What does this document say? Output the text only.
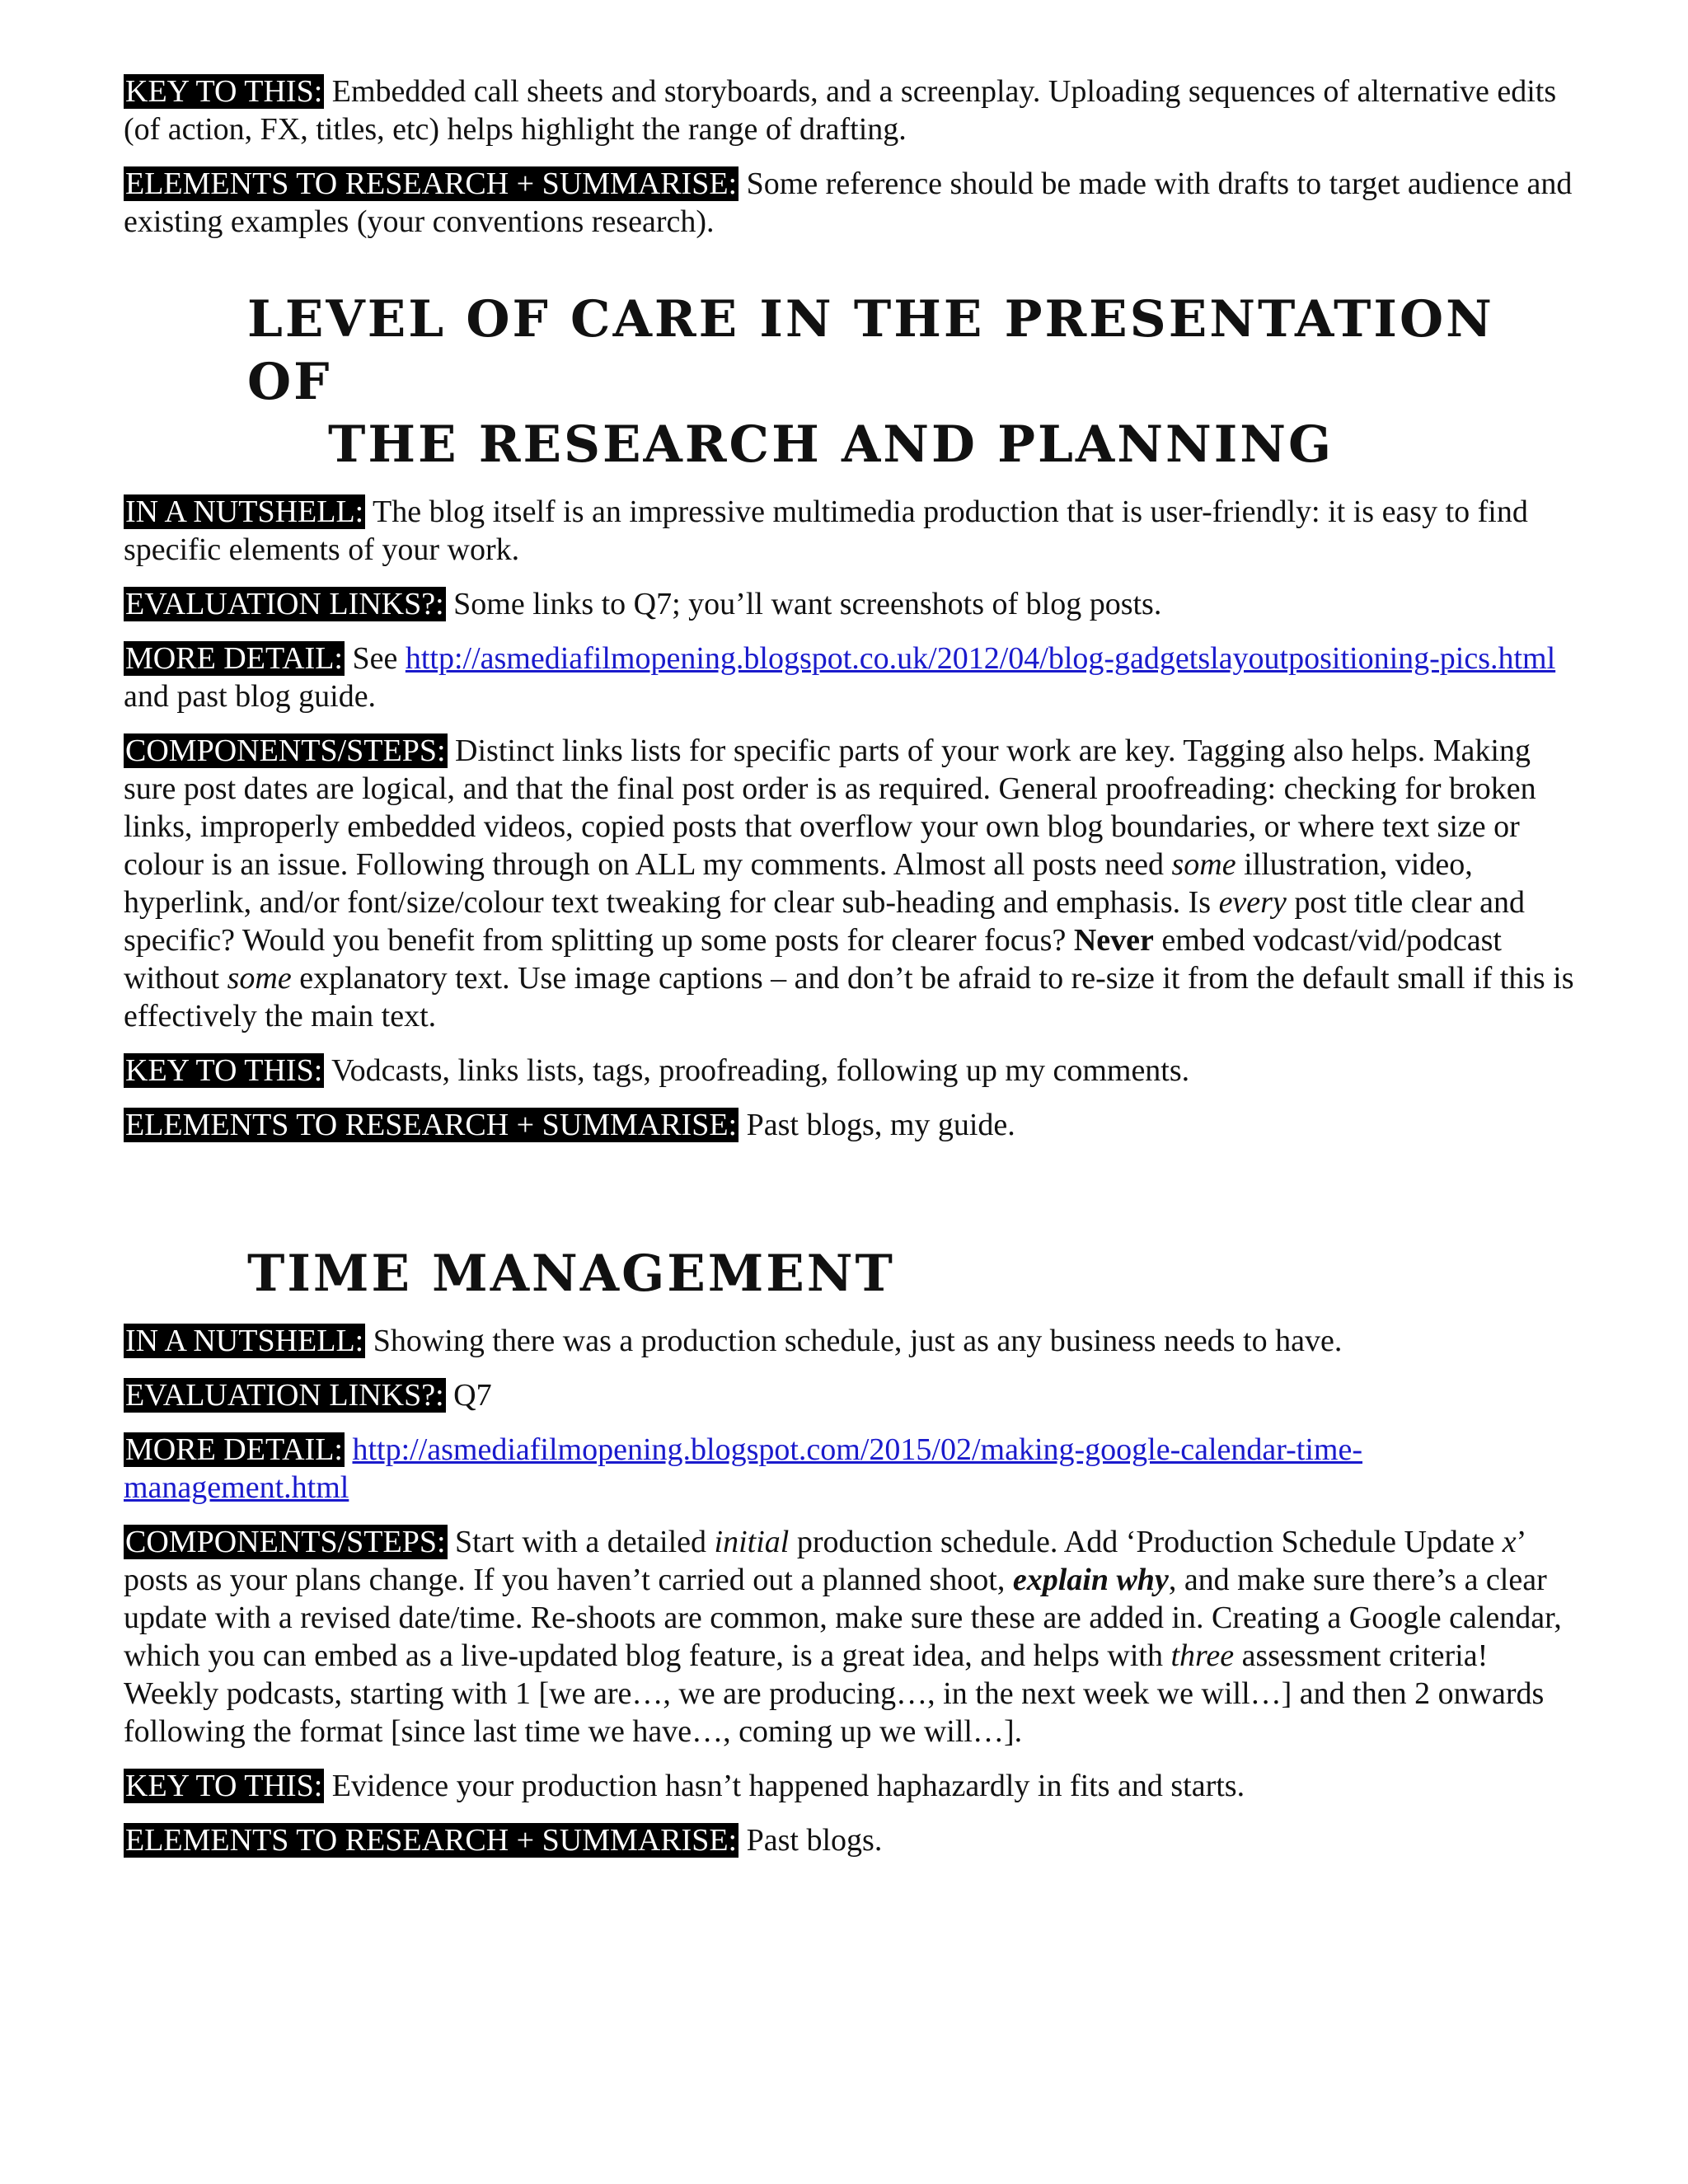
KEY TO THIS: Embedded call sheets and storyboards, and a screenplay. Uploading sequences of alternative edits (of action, FX, titles, etc) helps highlight the range of drafting.

ELEMENTS TO RESEARCH + SUMMARISE: Some reference should be made with drafts to target audience and existing examples (your conventions research).

LEVEL OF CARE IN THE PRESENTATION OF
THE RESEARCH AND PLANNING

IN A NUTSHELL: The blog itself is an impressive multimedia production that is user-friendly: it is easy to find specific elements of your work.

EVALUATION LINKS?: Some links to Q7; you’ll want screenshots of blog posts.

MORE DETAIL: See http://asmediafilmopening.blogspot.co.uk/2012/04/blog-gadgetslayoutpositioning-pics.html and past blog guide.

COMPONENTS/STEPS: Distinct links lists for specific parts of your work are key. Tagging also helps. Making sure post dates are logical, and that the final post order is as required. General proofreading: checking for broken links, improperly embedded videos, copied posts that overflow your own blog boundaries, or where text size or colour is an issue. Following through on ALL my comments. Almost all posts need some illustration, video, hyperlink, and/or font/size/colour text tweaking for clear sub-heading and emphasis. Is every post title clear and specific? Would you benefit from splitting up some posts for clearer focus? Never embed vodcast/vid/podcast without some explanatory text. Use image captions – and don’t be afraid to re-size it from the default small if this is effectively the main text.

KEY TO THIS: Vodcasts, links lists, tags, proofreading, following up my comments.

ELEMENTS TO RESEARCH + SUMMARISE: Past blogs, my guide.

TIME MANAGEMENT

IN A NUTSHELL: Showing there was a production schedule, just as any business needs to have.

EVALUATION LINKS?: Q7

MORE DETAIL: http://asmediafilmopening.blogspot.com/2015/02/making-google-calendar-time-management.html

COMPONENTS/STEPS: Start with a detailed initial production schedule. Add ‘Production Schedule Update x’ posts as your plans change. If you haven’t carried out a planned shoot, explain why, and make sure there’s a clear update with a revised date/time. Re-shoots are common, make sure these are added in. Creating a Google calendar, which you can embed as a live-updated blog feature, is a great idea, and helps with three assessment criteria! Weekly podcasts, starting with 1 [we are…, we are producing…, in the next week we will…] and then 2 onwards following the format [since last time we have…, coming up we will…].

KEY TO THIS: Evidence your production hasn’t happened haphazardly in fits and starts.

ELEMENTS TO RESEARCH + SUMMARISE: Past blogs.
